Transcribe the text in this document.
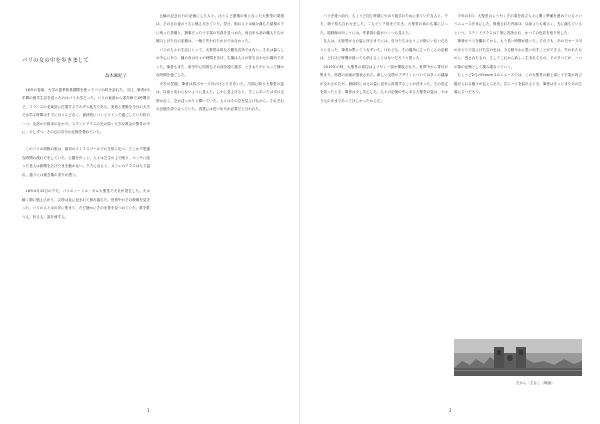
パリの女の中を歩きまして
高木麻紀子

16年の春頃、大学の夏季休業期間を使ってパリの料を訪れた。当日、筆者が1年間の留学生活を送ったのはパリ大学だった。パリの東部から郊外線で1時間ほど、フランスの北東部に位置するアルザス地方である。美術と建築を今日の大学では学ぶ時間はすでにほとんどなく、最終的にパンとワインで過ごしていた町の一つ、北部の小都市のなかで、ステンドグラスの光の届く大きな教会の聖堂の中に、少しずつ、その日の自分の記憶を重ねていた。

このパリの研修の旅は、最初のストラスブールでの日常に比べ、どこか不思議な時間の流れ方をしていた。公園を歩くと、人々は芝生の上で眠り、ベンチに座った老人は新聞を広げたまま動かない。夕方になると、カフェのテラスは人で溢れ、通りには焼き栗の香りが漂う。

16年4月15日の夕方、パリのノートル・ダム大聖堂で火災が発生した。火は瞬く間に燃え広がり、尖塔は炎に包まれて崩れ落ちた。世界中がその映像を見守った。パリの人々は川岸に集まり、ただ静かにその光景を見つめていた。歌を歌う人、祈る人、涙を流す人。

五輪の記念の日の記憶にした人々。ほとんど建築の形となった大聖堂の屋根は、その日の夜のうちに燃え尽きていた。翌日、街の人々は焼け落ちた屋根の下に残った祭壇と、無事だった十字架の写真を見つめた。何百年も前の職人たちが積み上げた石の記憶は、一晩で失われたわけではなかった。

パリの人々の生活にとって、大聖堂は単なる観光名所ではない。それは暮らしの中心にあり、鐘の音は日々の時間を告げ、広場は人々の待ち合わせの場所であった。筆者もまた、留学中に何度もその前を通り過ぎ、ときおり中に入って静かな時間を過ごした。

火災の翌週、筆者は再びセーヌ川のほとりを歩いた。川面に映る大聖堂の姿は、以前と変わらないように見えた。しかし見上げると、そこにあったはずの尖塔はなく、空がぽっかりと開いていた。人々はその空を見上げながら、それぞれの記憶を語り合っていた。再建には長い年月が必要だと言われた。

1

パリを発つ前日、ちょうど同じ時期にやはり留学のために来ていた友人と、夕方、街で待ち合わせをした。二人でシテ島まで歩き、大聖堂の前の広場に立った。規制線の向こうには、作業員の姿がいくつも見えた。

友人は、大聖堂が元の姿に戻るまでには、自分たちはもうこの街にいないだろうと言った。筆者は黙ってうなずいた。けれども、その場所に立ったことの記憶は、どれほど時間が経っても消えることはないだろうと思った。

2019年の秋、大聖堂の周辺はようやく一部が開放された。世界中から寄付が集まり、再建の計画が発表された。新しい尖塔のデザインについては多くの議論が交わされたが、最終的には元の姿に忠実に再現することが決まった。その決定を知ったとき、筆者は少し安心した。人々の記憶の中にある大聖堂の姿は、やはり元のままであってほしかったからだ。

今年の3月、大聖堂はようやくその扉を再び人々に開く準備を進めているというニュースを耳にした。修復された内部は、以前よりも明るく、光に満ちているという。ステンドグラスは丁寧に洗浄され、かつての色彩を取り戻した。

筆者がパリを離れてから、もう長い時間が経った。それでも、あの日セーヌ川のほとりで見上げた空の色は、今も鮮やかに思い出すことができる。失われたものと、残されたもの、そしてこれから新しく生まれるもの。そのすべてが、一つの街の記憶として積み重なっていく。

ちょうど2月のFrance 2のニュースでは、この大聖堂の最上部に十字架が再び掲げられる様子が伝えられた。次にパリを訪れるとき、筆者はきっとまたあの広場に立つだろう。

左から・主なこ（映画）
2
